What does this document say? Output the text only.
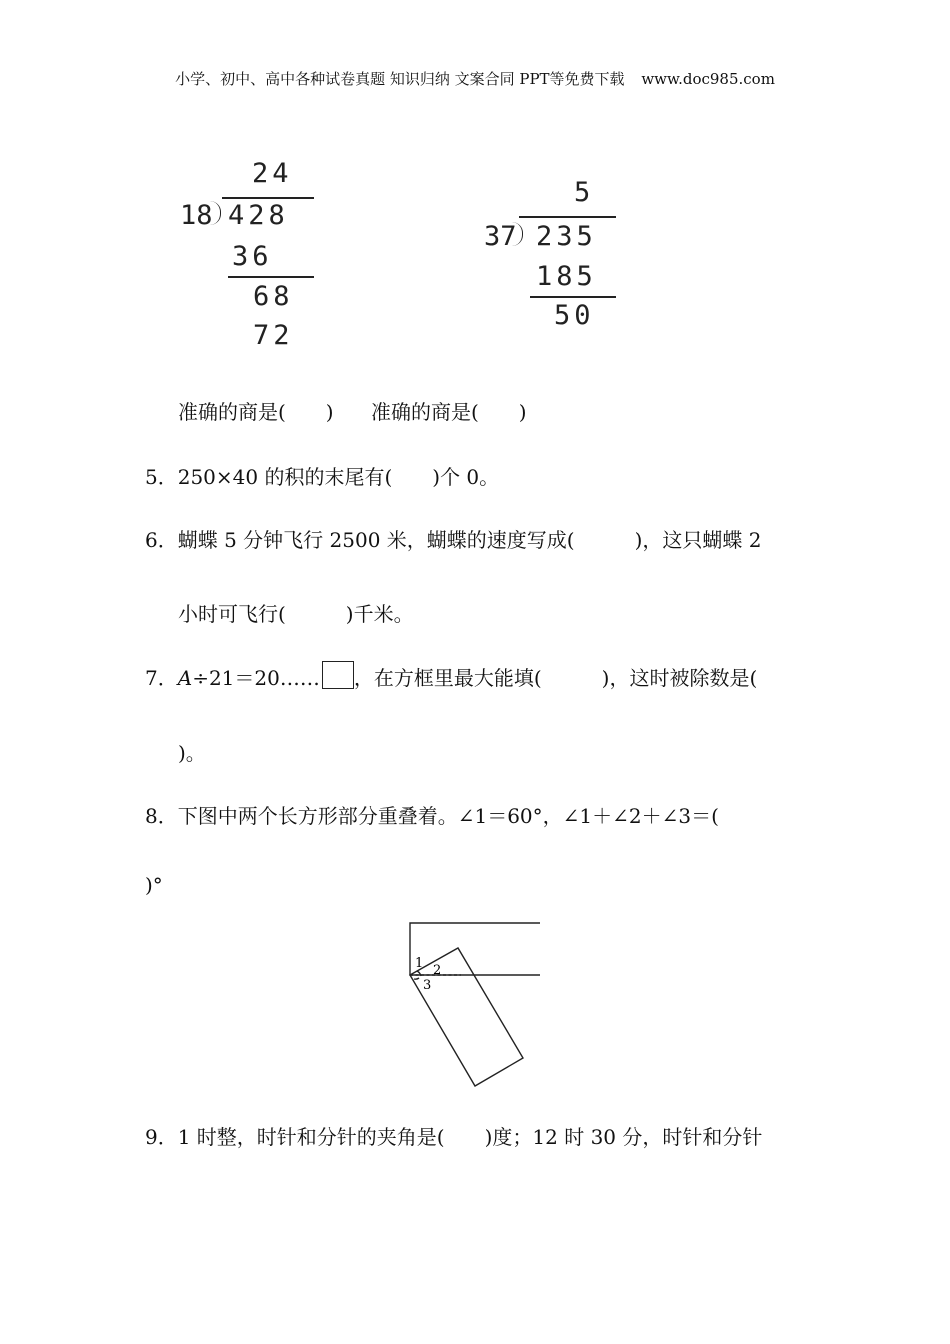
小学、初中、高中各种试卷真题 知识归纳 文案合同 PPT等免费下载 www.doc985.com
24
18 428
36
68
72
5
37 235
185
50
准确的商是(　　) 准确的商是(　　)
5．250×40 的积的末尾有(　　)个 0。
6．蝴蝶 5 分钟飞行 2500 米，蝴蝶的速度写成(　　　)，这只蝴蝶 2
小时可飞行(　　　)千米。
7．A÷21＝20…… ，在方框里最大能填(　　　)，这时被除数是(
)。
8．下图中两个长方形部分重叠着。∠1＝60°，∠1＋∠2＋∠3＝(
)°
1 2
3
9．1 时整，时针和分针的夹角是(　　)度；12 时 30 分，时针和分针
